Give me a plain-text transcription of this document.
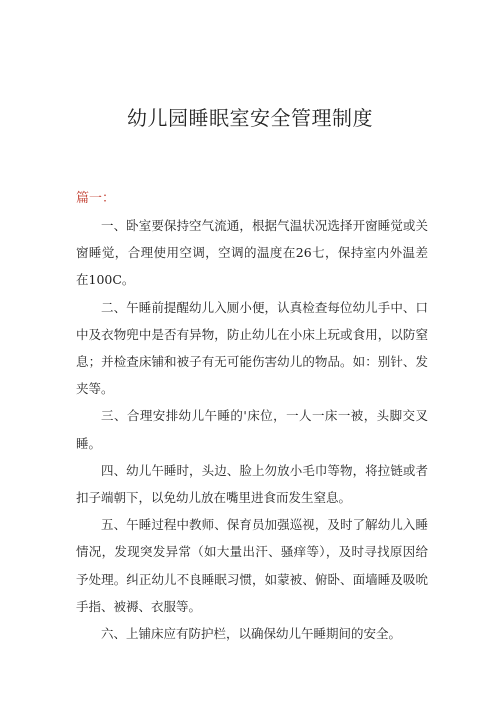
幼儿园睡眠室安全管理制度
篇一：

一、卧室要保持空气流通，根据气温状况选择开窗睡觉或关窗睡觉，合理使用空调，空调的温度在26七，保持室内外温差在100C。

二、午睡前提醒幼儿入厕小便，认真检查每位幼儿手中、口中及衣物兜中是否有异物，防止幼儿在小床上玩或食用，以防窒息；并检查床铺和被子有无可能伤害幼儿的物品。如：别针、发夹等。

三、合理安排幼儿午睡的'床位，一人一床一被，头脚交叉睡。

四、幼儿午睡时，头边、脸上勿放小毛巾等物，将拉链或者扣子端朝下，以免幼儿放在嘴里进食而发生窒息。

五、午睡过程中教师、保育员加强巡视，及时了解幼儿入睡情况，发现突发异常（如大量出汗、骚痒等），及时寻找原因给予处理。纠正幼儿不良睡眠习惯，如蒙被、俯卧、面墙睡及吸吮手指、被褥、衣服等。

六、上铺床应有防护栏，以确保幼儿午睡期间的安全。
